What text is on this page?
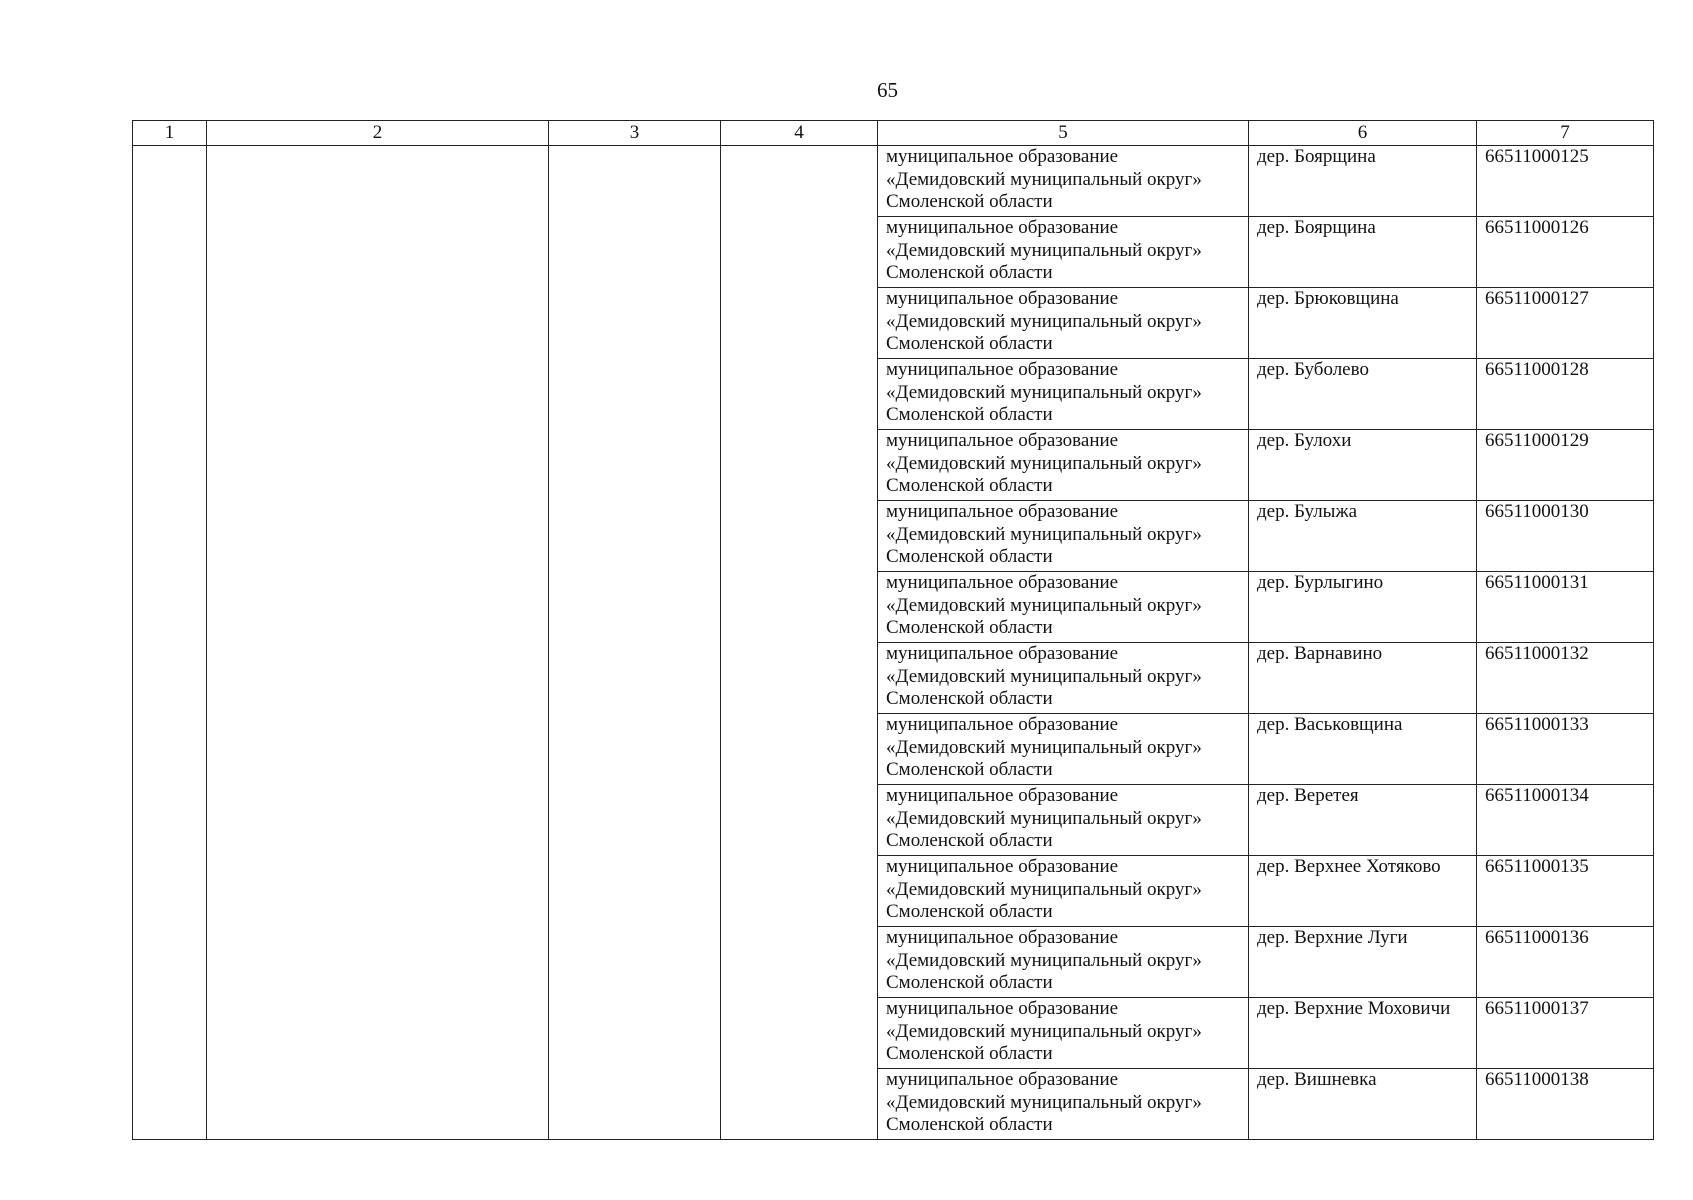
65
1	2	3	4	5	6	7

				муниципальное образование
«Демидовский муниципальный округ»
Смоленской области	дер. Боярщина	66511000125

				муниципальное образование
«Демидовский муниципальный округ»
Смоленской области	дер. Боярщина	66511000126

				муниципальное образование
«Демидовский муниципальный округ»
Смоленской области	дер. Брюковщина	66511000127

				муниципальное образование
«Демидовский муниципальный округ»
Смоленской области	дер. Буболево	66511000128

				муниципальное образование
«Демидовский муниципальный округ»
Смоленской области	дер. Булохи	66511000129

				муниципальное образование
«Демидовский муниципальный округ»
Смоленской области	дер. Булыжа	66511000130

				муниципальное образование
«Демидовский муниципальный округ»
Смоленской области	дер. Бурлыгино	66511000131

				муниципальное образование
«Демидовский муниципальный округ»
Смоленской области	дер. Варнавино	66511000132

				муниципальное образование
«Демидовский муниципальный округ»
Смоленской области	дер. Васьковщина	66511000133

				муниципальное образование
«Демидовский муниципальный округ»
Смоленской области	дер. Веретея	66511000134

				муниципальное образование
«Демидовский муниципальный округ»
Смоленской области	дер. Верхнее Хотяково	66511000135

				муниципальное образование
«Демидовский муниципальный округ»
Смоленской области	дер. Верхние Луги	66511000136

				муниципальное образование
«Демидовский муниципальный округ»
Смоленской области	дер. Верхние Моховичи	66511000137

				муниципальное образование
«Демидовский муниципальный округ»
Смоленской области	дер. Вишневка	66511000138
